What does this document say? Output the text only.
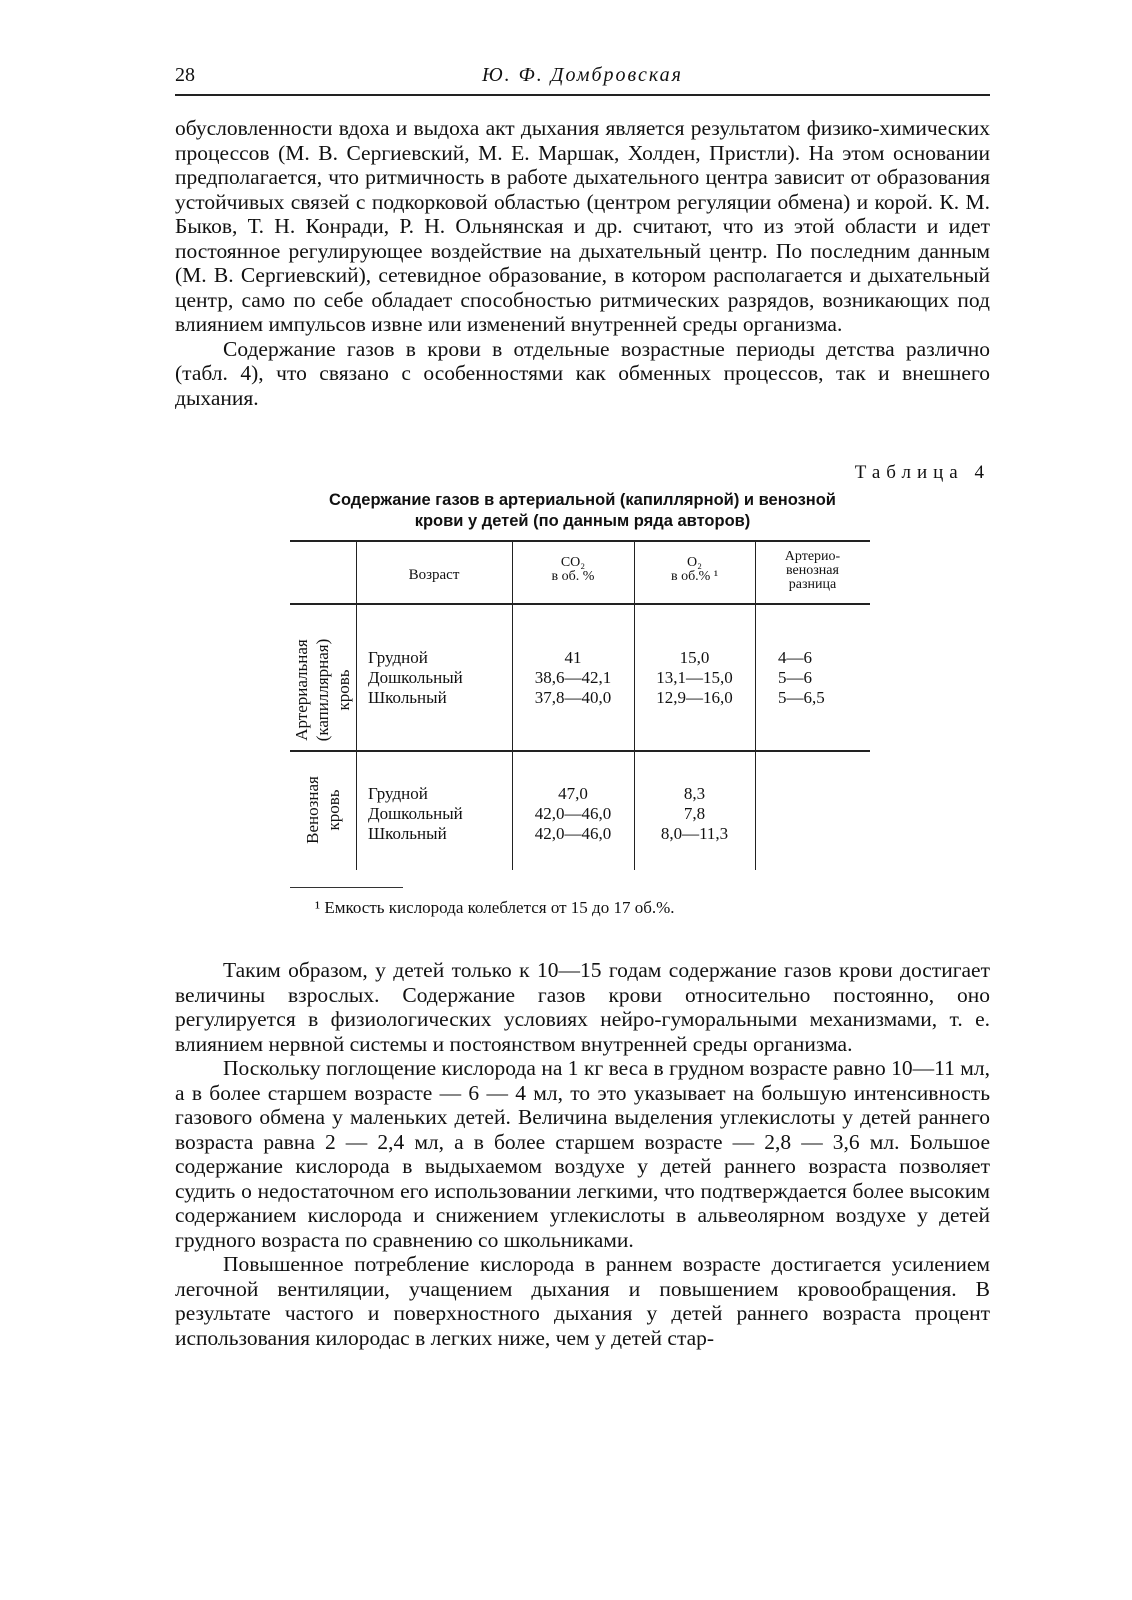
28	Ю. Ф. Домбровская

обусловленности вдоха и выдоха акт дыхания является результатом физико-химических процессов (М. В. Сергиевский, М. Е. Маршак, Холден, Пристли). На этом основании предполагается, что ритмичность в работе дыхательного центра зависит от образования устойчивых связей с подкорковой областью (центром регуляции обмена) и корой. К. М. Быков, Т. Н. Конради, Р. Н. Ольнянская и др. считают, что из этой области и идет постоянное регулирующее воздействие на дыхательный центр. По последним данным (М. В. Сергиевский), сетевидное образование, в котором располагается и дыхательный центр, само по себе обладает способностью ритмических разрядов, возникающих под влиянием импульсов извне или изменений внутренней среды организма.

Содержание газов в крови в отдельные возрастные периоды детства различно (табл. 4), что связано с особенностями как обменных процессов, так и внешнего дыхания.

Таблица 4
Содержание газов в артериальной (капиллярной) и венозной
крови у детей (по данным ряда авторов)
Возраст
CO₂
в об. %
O₂
в об.% ¹
Артерио-
венозная
разница
Артериальная (капиллярная) кровь
Грудной
Дошкольный
Школьный
41
38,6—42,1
37,8—40,0
15,0
13,1—15,0
12,9—16,0
4—6
5—6
5—6,5
Венозная кровь Грудной
Дошкольный
Школьный
47,0
42,0—46,0
42,0—46,0
8,3
7,8
8,0—11,3
¹ Емкость кислорода колеблется от 15 до 17 об.%.

Таким образом, у детей только к 10—15 годам содержание газов крови достигает величины взрослых. Содержание газов крови относительно постоянно, оно регулируется в физиологических условиях нейро-гуморальными механизмами, т. е. влиянием нервной системы и постоянством внутренней среды организма.

Поскольку поглощение кислорода на 1 кг веса в грудном возрасте равно 10—11 мл, а в более старшем возрасте — 6 — 4 мл, то это указывает на большую интенсивность газового обмена у маленьких детей. Величина выделения углекислоты у детей раннего возраста равна 2 — 2,4 мл, а в более старшем возрасте — 2,8 — 3,6 мл. Большое содержание кислорода в выдыхаемом воздухе у детей раннего возраста позволяет судить о недостаточном его использовании легкими, что подтверждается более высоким содержанием кислорода и снижением углекислоты в альвеолярном воздухе у детей грудного возраста по сравнению со школьниками.

Повышенное потребление кислорода в раннем возрасте достигается усилением легочной вентиляции, учащением дыхания и повышением кровообращения. В результате частого и поверхностного дыхания у детей раннего возраста процент использования килородас в легких ниже, чем у детей стар-
